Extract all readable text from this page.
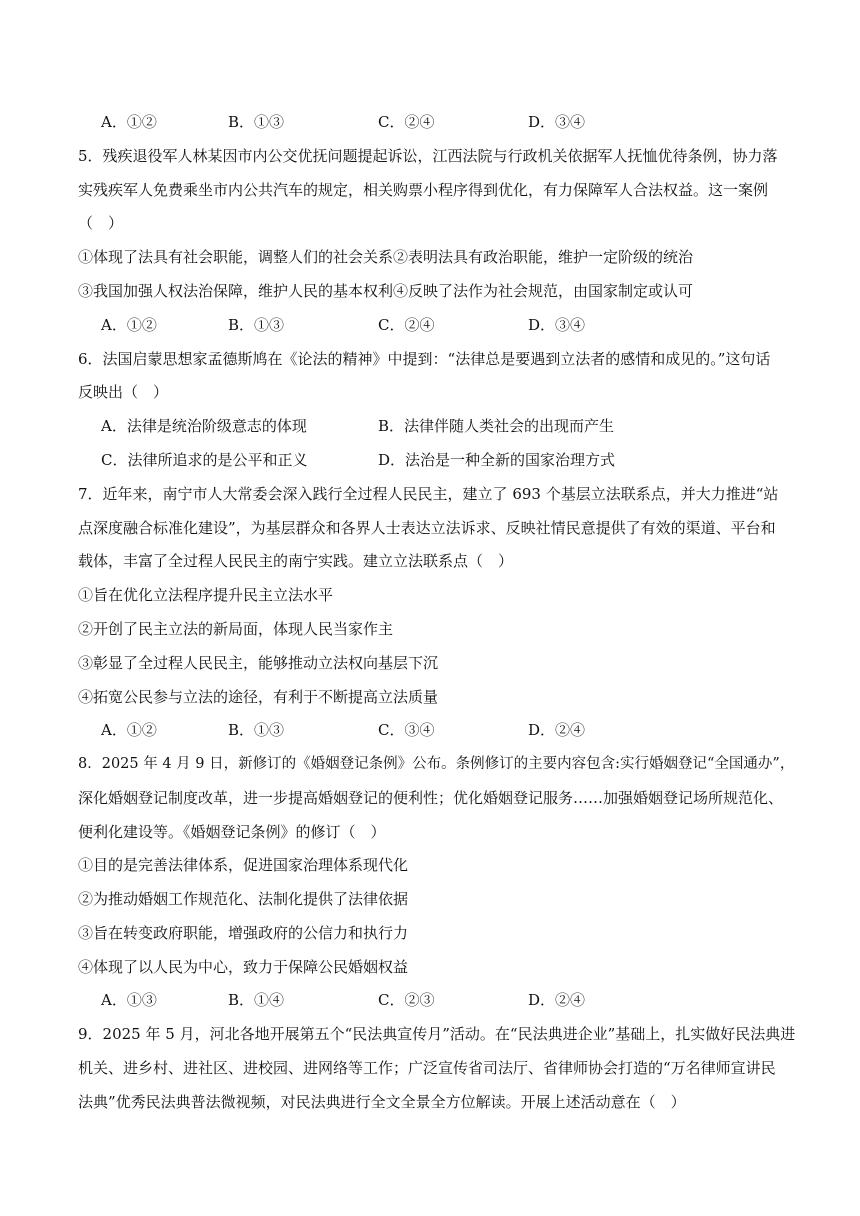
A．①②	B．①③	C．②④	D．③④
5．残疾退役军人林某因市内公交优抚问题提起诉讼，江西法院与行政机关依据军人抚恤优待条例，协力落
实残疾军人免费乘坐市内公共汽车的规定，相关购票小程序得到优化，有力保障军人合法权益。这一案例
（　）
①体现了法具有社会职能，调整人们的社会关系②表明法具有政治职能，维护一定阶级的统治
③我国加强人权法治保障，维护人民的基本权利④反映了法作为社会规范，由国家制定或认可
A．①②	B．①③	C．②④	D．③④
6．法国启蒙思想家孟德斯鸠在《论法的精神》中提到：“法律总是要遇到立法者的感情和成见的。”这句话
反映出（　）
A．法律是统治阶级意志的体现	B．法律伴随人类社会的出现而产生
C．法律所追求的是公平和正义	D．法治是一种全新的国家治理方式
7．近年来，南宁市人大常委会深入践行全过程人民民主，建立了 693 个基层立法联系点，并大力推进“站
点深度融合标准化建设”，为基层群众和各界人士表达立法诉求、反映社情民意提供了有效的渠道、平台和
载体，丰富了全过程人民民主的南宁实践。建立立法联系点（　）
①旨在优化立法程序提升民主立法水平
②开创了民主立法的新局面，体现人民当家作主
③彰显了全过程人民民主，能够推动立法权向基层下沉
④拓宽公民参与立法的途径，有利于不断提高立法质量
A．①②	B．①③	C．③④	D．②④
8．2025 年 4 月 9 日，新修订的《婚姻登记条例》公布。条例修订的主要内容包含:实行婚姻登记“全国通办”，
深化婚姻登记制度改革，进一步提高婚姻登记的便利性；优化婚姻登记服务……加强婚姻登记场所规范化、
便利化建设等。《婚姻登记条例》的修订（　）
①目的是完善法律体系，促进国家治理体系现代化
②为推动婚姻工作规范化、法制化提供了法律依据
③旨在转变政府职能，增强政府的公信力和执行力
④体现了以人民为中心，致力于保障公民婚姻权益
A．①③	B．①④	C．②③	D．②④
9．2025 年 5 月，河北各地开展第五个“民法典宣传月”活动。在“民法典进企业”基础上，扎实做好民法典进
机关、进乡村、进社区、进校园、进网络等工作；广泛宣传省司法厅、省律师协会打造的“万名律师宣讲民
法典”优秀民法典普法微视频，对民法典进行全文全景全方位解读。开展上述活动意在（　）
